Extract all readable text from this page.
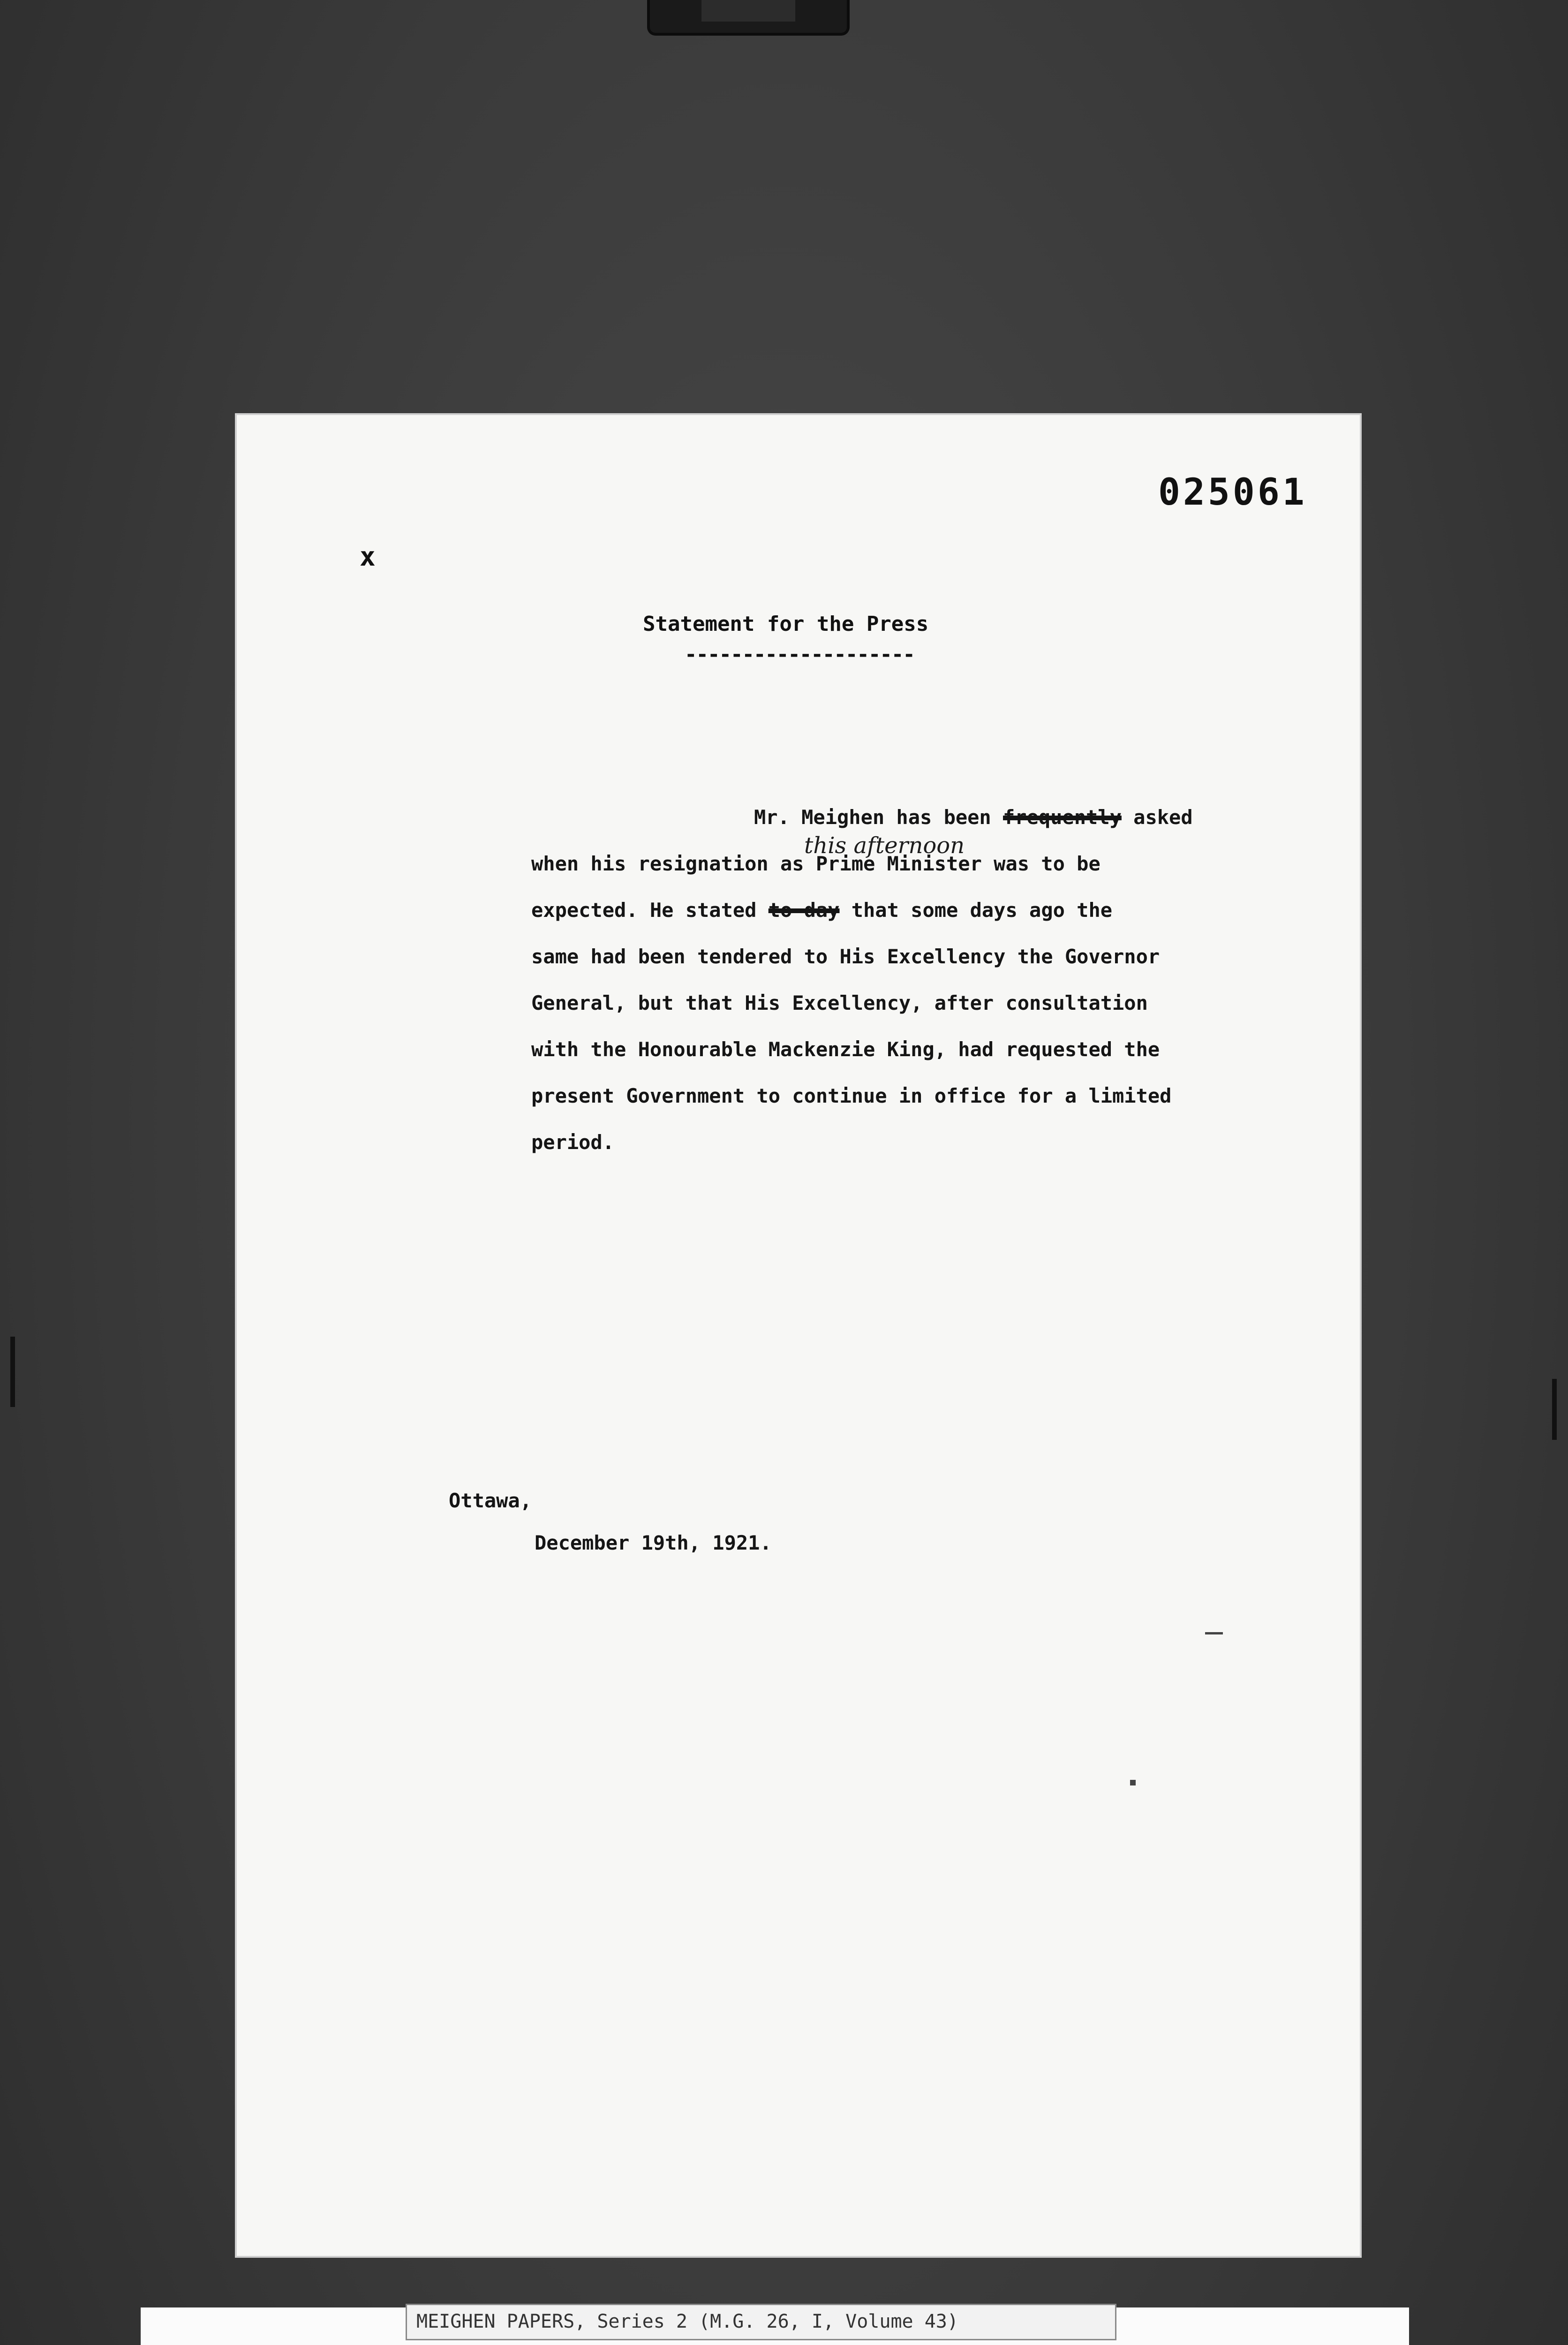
025061
x
Statement for the Press
--------------------
this afternoon
Mr. Meighen has been frequently asked
when his resignation as Prime Minister was to be
expected. He stated to-day that some days ago the
same had been tendered to His Excellency the Governor
General, but that His Excellency, after consultation
with the Honourable Mackenzie King, had requested the
present Government to continue in office for a limited
period.
Ottawa,
December 19th, 1921.
MEIGHEN PAPERS, Series 2 (M.G. 26, I, Volume 43)
